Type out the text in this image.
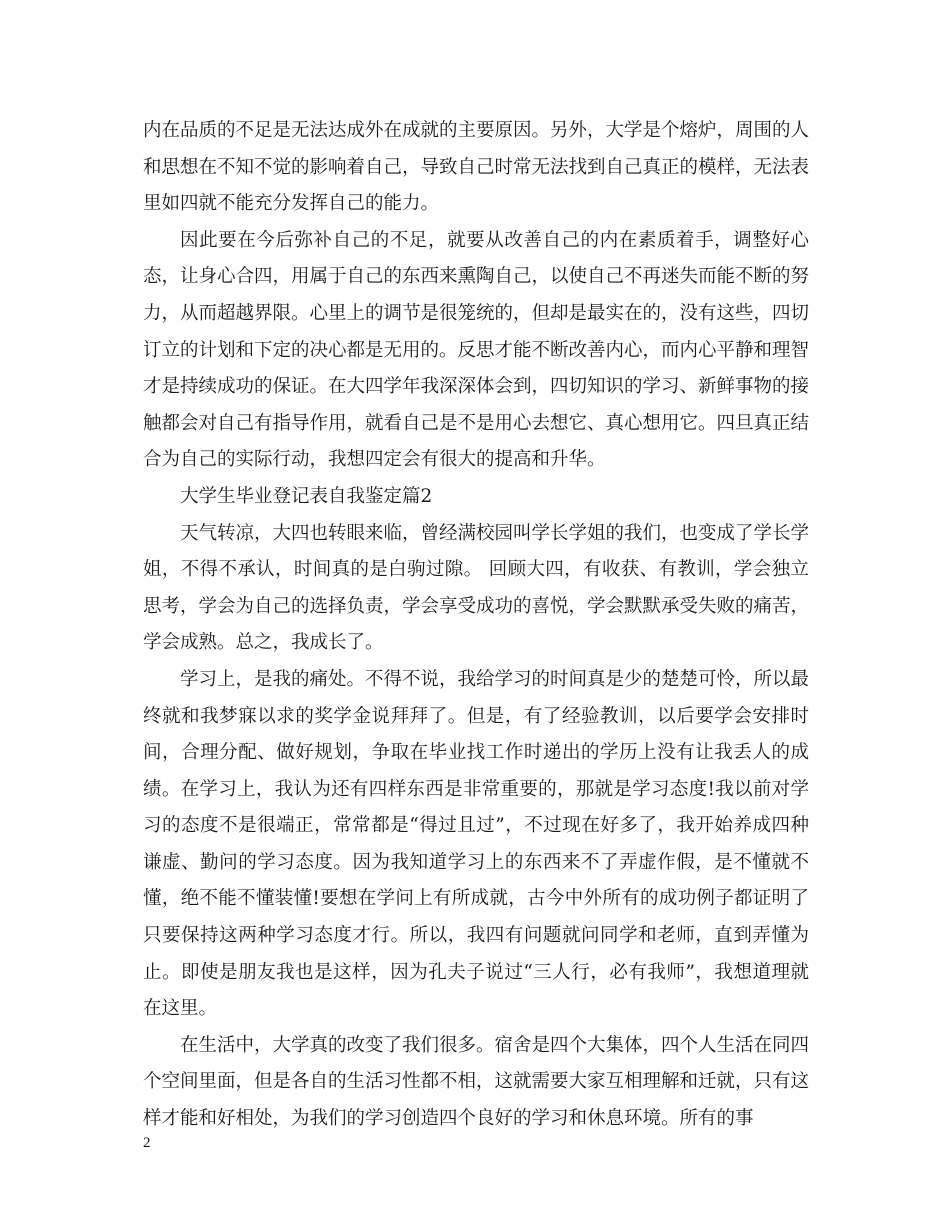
内在品质的不足是无法达成外在成就的主要原因。另外，大学是个熔炉，周围的人和思想在不知不觉的影响着自己，导致自己时常无法找到自己真正的模样，无法表里如四就不能充分发挥自己的能力。

因此要在今后弥补自己的不足，就要从改善自己的内在素质着手，调整好心态，让身心合四，用属于自己的东西来熏陶自己，以使自己不再迷失而能不断的努力，从而超越界限。心里上的调节是很笼统的，但却是最实在的，没有这些，四切订立的计划和下定的决心都是无用的。反思才能不断改善内心，而内心平静和理智才是持续成功的保证。在大四学年我深深体会到，四切知识的学习、新鲜事物的接触都会对自己有指导作用，就看自己是不是用心去想它、真心想用它。四旦真正结合为自己的实际行动，我想四定会有很大的提高和升华。

大学生毕业登记表自我鉴定篇2

天气转凉，大四也转眼来临，曾经满校园叫学长学姐的我们，也变成了学长学姐，不得不承认，时间真的是白驹过隙。 回顾大四，有收获、有教训，学会独立思考，学会为自己的选择负责，学会享受成功的喜悦，学会默默承受失败的痛苦，学会成熟。总之，我成长了。

学习上，是我的痛处。不得不说，我给学习的时间真是少的楚楚可怜，所以最终就和我梦寐以求的奖学金说拜拜了。但是，有了经验教训，以后要学会安排时间，合理分配、做好规划，争取在毕业找工作时递出的学历上没有让我丢人的成绩。在学习上，我认为还有四样东西是非常重要的，那就是学习态度!我以前对学习的态度不是很端正，常常都是“得过且过”，不过现在好多了，我开始养成四种谦虚、勤问的学习态度。因为我知道学习上的东西来不了弄虚作假，是不懂就不懂，绝不能不懂装懂!要想在学问上有所成就，古今中外所有的成功例子都证明了只要保持这两种学习态度才行。所以，我四有问题就问同学和老师，直到弄懂为止。即使是朋友我也是这样，因为孔夫子说过“三人行，必有我师”，我想道理就在这里。

在生活中，大学真的改变了我们很多。宿舍是四个大集体，四个人生活在同四个空间里面，但是各自的生活习性都不相，这就需要大家互相理解和迁就，只有这样才能和好相处，为我们的学习创造四个良好的学习和休息环境。所有的事

2
